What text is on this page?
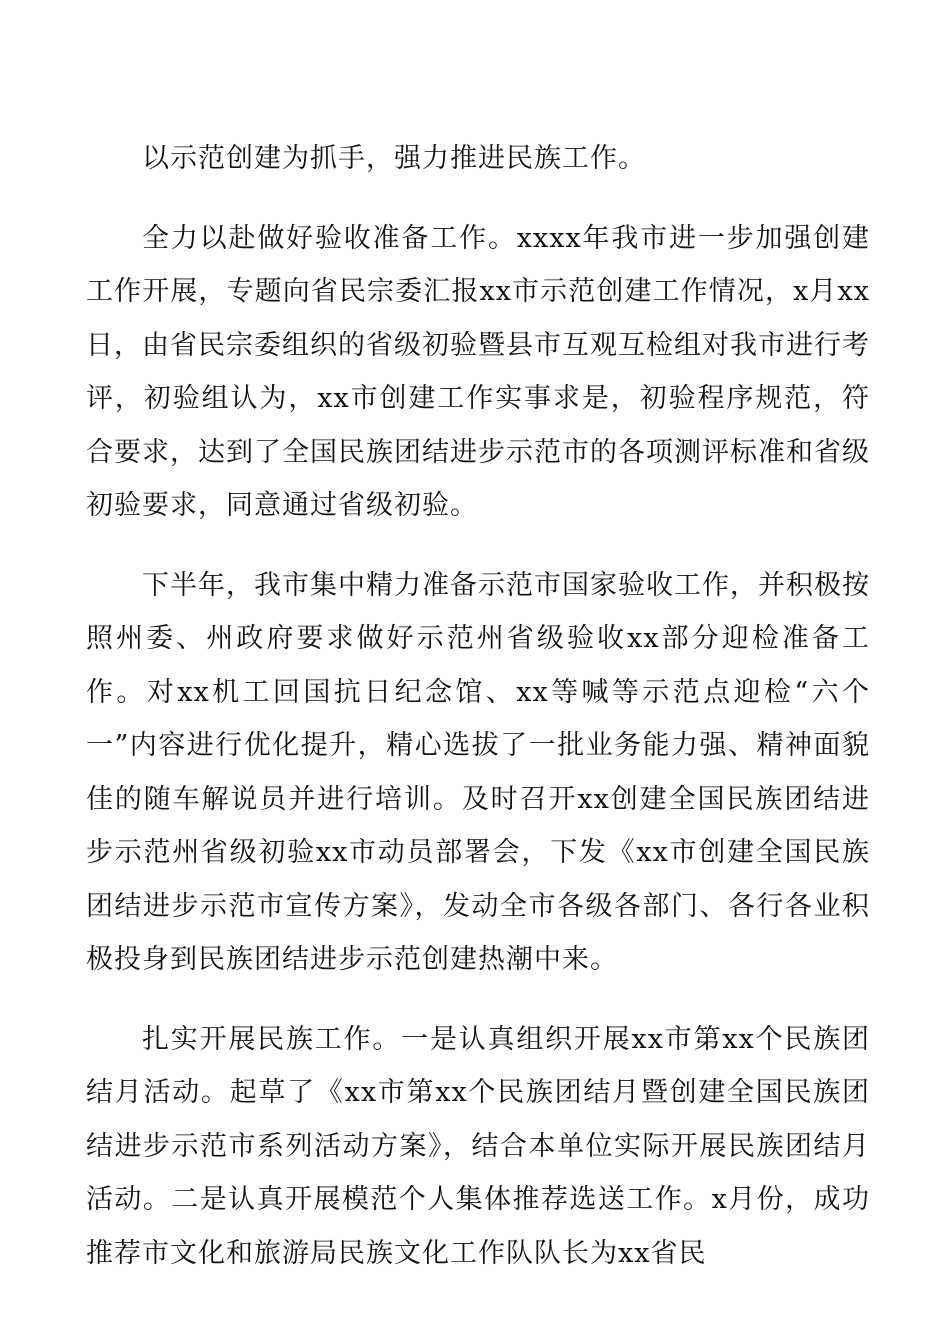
以示范创建为抓手，强力推进民族工作。

全力以赴做好验收准备工作。xxxx年我市进一步加强创建工作开展，专题向省民宗委汇报xx市示范创建工作情况，x月xx日，由省民宗委组织的省级初验暨县市互观互检组对我市进行考评，初验组认为，xx市创建工作实事求是，初验程序规范，符合要求，达到了全国民族团结进步示范市的各项测评标准和省级初验要求，同意通过省级初验。

下半年，我市集中精力准备示范市国家验收工作，并积极按照州委、州政府要求做好示范州省级验收xx部分迎检准备工作。对xx机工回国抗日纪念馆、xx等喊等示范点迎检“六个一”内容进行优化提升，精心选拔了一批业务能力强、精神面貌佳的随车解说员并进行培训。及时召开xx创建全国民族团结进步示范州省级初验xx市动员部署会，下发《xx市创建全国民族团结进步示范市宣传方案》，发动全市各级各部门、各行各业积极投身到民族团结进步示范创建热潮中来。

扎实开展民族工作。一是认真组织开展xx市第xx个民族团结月活动。起草了《xx市第xx个民族团结月暨创建全国民族团结进步示范市系列活动方案》，结合本单位实际开展民族团结月活动。二是认真开展模范个人集体推荐选送工作。x月份，成功推荐市文化和旅游局民族文化工作队队长为xx省民
